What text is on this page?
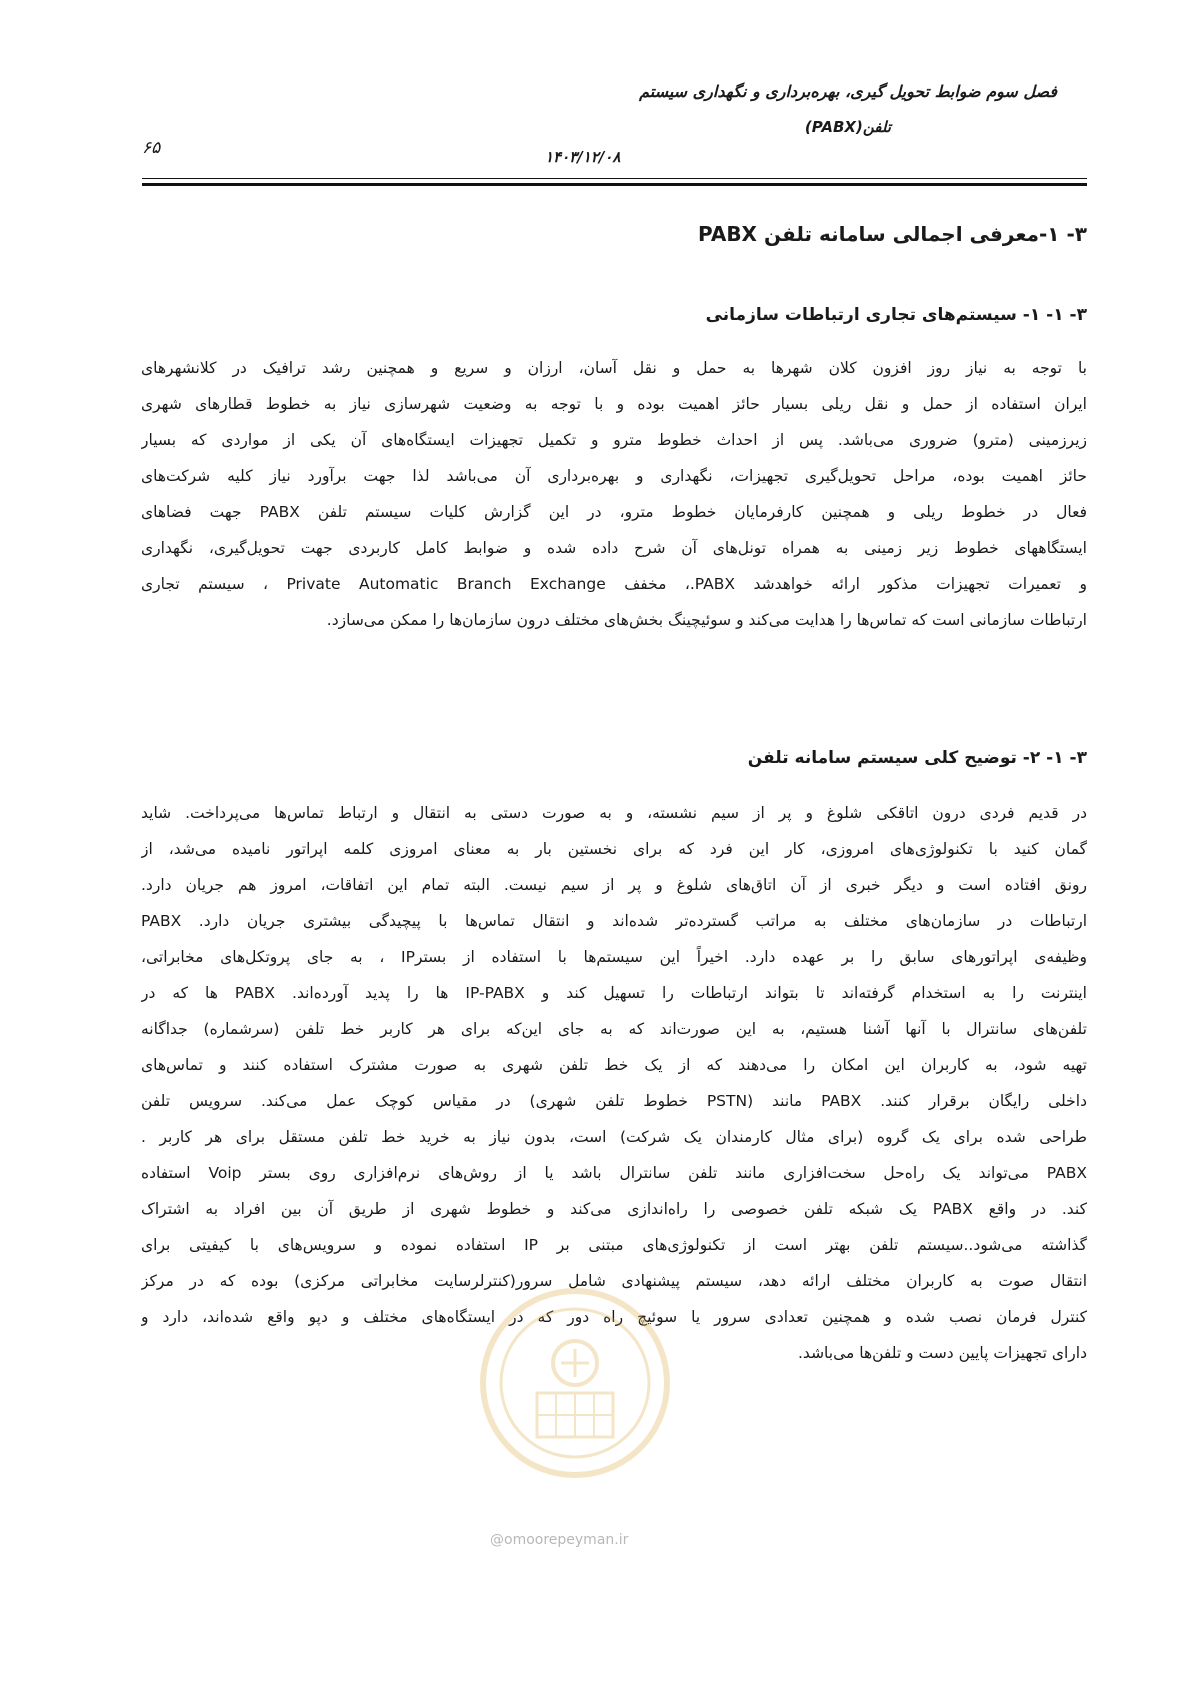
فصل سوم ضوابط تحویل گیری، بهره‌برداری و نگهداری سیستم
تلفن(PABX)
۶۵	۱۴۰۳/۱۲/۰۸
۳- ۱-معرفی اجمالی سامانه تلفن PABX
۳- ۱- ۱- سیستم‌های تجاری ارتباطات سازمانی
با توجه به نیاز روز افزون کلان شهرها به حمل و نقل آسان، ارزان و سریع و همچنین رشد ترافیک در کلانشهرهای
ایران استفاده از حمل و نقل ریلی بسیار حائز اهمیت بوده و با توجه به وضعیت شهرسازی نیاز به خطوط قطارهای شهری
زیرزمینی (مترو) ضروری می‌باشد. پس از احداث خطوط مترو و تکمیل تجهیزات ایستگاه‌های آن یکی از مواردی که بسیار
حائز اهمیت بوده، مراحل تحویل‌گیری تجهیزات، نگهداری و بهره‌برداری آن می‌باشد لذا جهت برآورد نیاز کلیه شرکت‌های
فعال در خطوط ریلی و همچنین کارفرمایان خطوط مترو، در این گزارش کلیات سیستم تلفن PABX جهت فضاهای
ایستگاههای خطوط زیر زمینی به همراه تونل‌های آن شرح داده شده و ضوابط کامل کاربردی جهت تحویل‌گیری، نگهداری
و تعمیرات تجهیزات مذکور ارائه خواهدشد PABX.، مخفف Private Automatic Branch Exchange ، سیستم تجاری
ارتباطات سازمانی است که تماس‌ها را هدایت می‌کند و سوئیچینگ بخش‌های مختلف درون سازمان‌ها را ممکن می‌سازد.
۳- ۱- ۲- توضیح کلی سیستم سامانه تلفن
در قدیم فردی درون اتاقکی شلوغ و پر از سیم نشسته، و به صورت دستی به انتقال و ارتباط تماس‌ها می‌پرداخت. شاید
گمان کنید با تکنولوژی‌های امروزی، کار این فرد که برای نخستین بار به معنای امروزی کلمه اپراتور نامیده می‌شد، از
رونق افتاده است و دیگر خبری از آن اتاق‌های شلوغ و پر از سیم نیست. البته تمام این اتفاقات، امروز هم جریان دارد.
ارتباطات در سازمان‌های مختلف به مراتب گسترده‌تر شده‌اند و انتقال تماس‌ها با پیچیدگی بیشتری جریان دارد. PABX
وظیفه‌ی اپراتورهای سابق را بر عهده دارد. اخیراً این سیستم‌ها با استفاده از بسترIP ، به جای پروتکل‌های مخابراتی،
اینترنت را به استخدام گرفته‌اند تا بتواند ارتباطات را تسهیل کند و IP-PABX ها را پدید آورده‌اند. PABX ها که در
تلفن‌های سانترال با آنها آشنا هستیم، به این صورت‌اند که به جای این‌که برای هر کاربر خط تلفن (سرشماره) جداگانه
تهیه شود، به کاربران این امکان را می‌دهند که از یک خط تلفن شهری به صورت مشترک استفاده کنند و تماس‌های
داخلی رایگان برقرار کنند. PABX مانند (PSTN خطوط تلفن شهری) در مقیاس کوچک عمل می‌کند. سرویس تلفن
طراحی شده برای یک گروه (برای مثال کارمندان یک شرکت) است، بدون نیاز به خرید خط تلفن مستقل برای هر کاربر .
PABX می‌تواند یک راه‌حل سخت‌افزاری مانند تلفن سانترال باشد یا از روش‌های نرم‌افزاری روی بستر Voip استفاده
کند. در واقع PABX یک شبکه تلفن خصوصی را راه‌اندازی می‌کند و خطوط شهری از طریق آن بین افراد به اشتراک
گذاشته می‌شود..سیستم تلفن بهتر است از تکنولوژی‌های مبتنی بر IP استفاده نموده و سرویس‌های با کیفیتی برای
انتقال صوت به کاربران مختلف ارائه دهد، سیستم پیشنهادی شامل سرور(کنترلرسایت مخابراتی مرکزی) بوده که در مرکز
کنترل فرمان نصب شده و همچنین تعدادی سرور یا سوئیچ راه دور که در ایستگاه‌های مختلف و دپو واقع شده‌اند، دارد و
دارای تجهیزات پایین دست و تلفن‌ها می‌باشد.
@omoorepeyman.ir
